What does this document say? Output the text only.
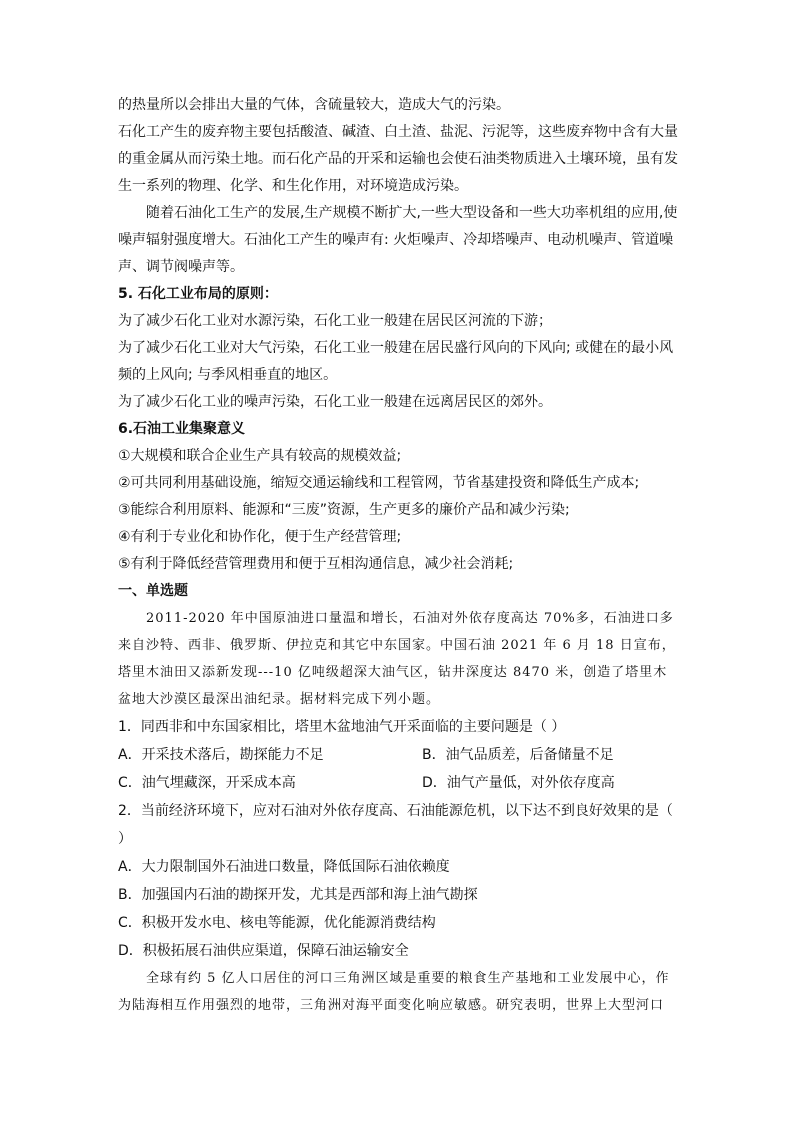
的热量所以会排出大量的气体，含硫量较大，造成大气的污染。

石化工产生的废弃物主要包括酸渣、碱渣、白土渣、盐泥、污泥等，这些废弃物中含有大量的重金属从而污染土地。而石化产品的开采和运输也会使石油类物质进入土壤环境，虽有发生一系列的物理、化学、和生化作用，对环境造成污染。

随着石油化工生产的发展,生产规模不断扩大,一些大型设备和一些大功率机组的应用,使噪声辐射强度增大。石油化工产生的噪声有: 火炬噪声、冷却塔噪声、电动机噪声、管道噪声、调节阀噪声等。

5. 石化工业布局的原则：

为了减少石化工业对水源污染，石化工业一般建在居民区河流的下游；

为了减少石化工业对大气污染，石化工业一般建在居民盛行风向的下风向; 或健在的最小风频的上风向; 与季风相垂直的地区。

为了减少石化工业的噪声污染，石化工业一般建在远离居民区的郊外。

6.石油工业集聚意义

①大规模和联合企业生产具有较高的规模效益;

②可共同利用基础设施，缩短交通运输线和工程管网，节省基建投资和降低生产成本;

③能综合利用原料、能源和“三废”资源，生产更多的廉价产品和减少污染;

④有利于专业化和协作化，便于生产经营管理;

⑤有利于降低经营管理费用和便于互相沟通信息，减少社会消耗;

一、单选题

2011-2020 年中国原油进口量温和增长，石油对外依存度高达 70%多，石油进口多来自沙特、西非、俄罗斯、伊拉克和其它中东国家。中国石油 2021 年 6 月 18 日宣布，塔里木油田又添新发现---10 亿吨级超深大油气区，钻井深度达 8470 米，创造了塔里木盆地大沙漠区最深出油纪录。据材料完成下列小题。

1．同西非和中东国家相比，塔里木盆地油气开采面临的主要问题是（ ）

A．开采技术落后，勘探能力不足	B．油气品质差，后备储量不足
C．油气埋藏深，开采成本高	D．油气产量低，对外依存度高

2．当前经济环境下，应对石油对外依存度高、石油能源危机，以下达不到良好效果的是（ ）

A．大力限制国外石油进口数量，降低国际石油依赖度

B．加强国内石油的勘探开发，尤其是西部和海上油气勘探

C．积极开发水电、核电等能源，优化能源消费结构

D．积极拓展石油供应渠道，保障石油运输安全

全球有约 5 亿人口居住的河口三角洲区域是重要的粮食生产基地和工业发展中心，作为陆海相互作用强烈的地带，三角洲对海平面变化响应敏感。研究表明，世界上大型河口
